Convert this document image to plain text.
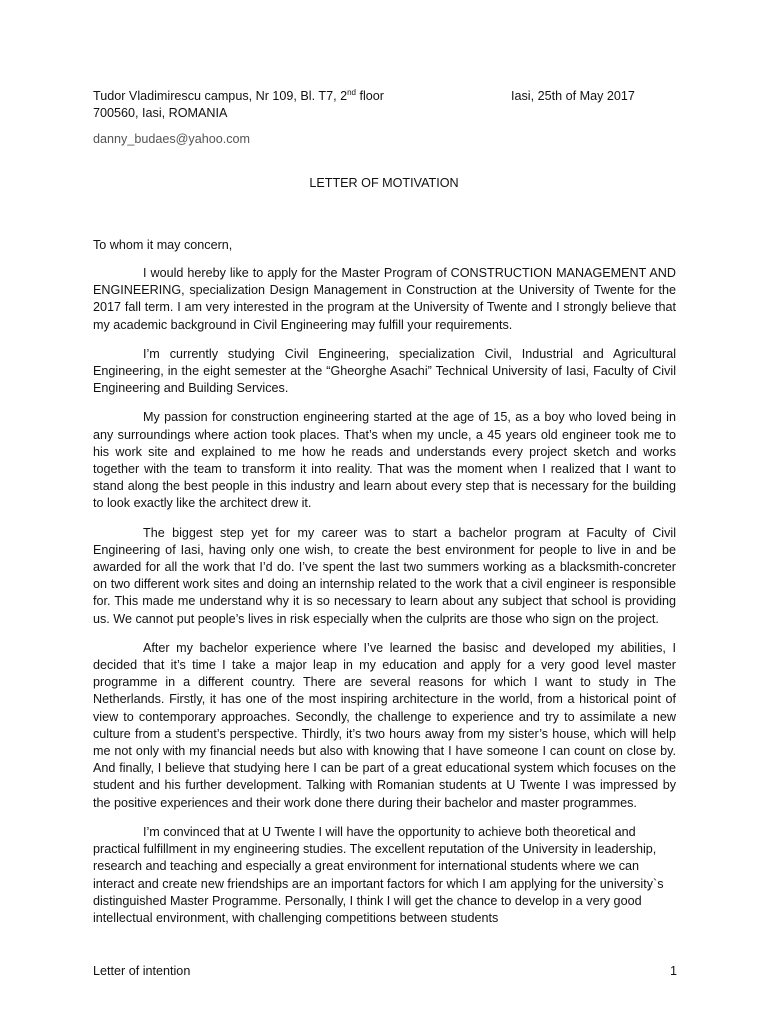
Tudor Vladimirescu campus, Nr 109, Bl. T7, 2nd floor
700560, Iasi, ROMANIA
Iasi, 25th of May 2017
danny_budaes@yahoo.com
LETTER OF MOTIVATION
To whom it may concern,

I would hereby like to apply for the Master Program of CONSTRUCTION MANAGEMENT AND ENGINEERING, specialization Design Management in Construction at the University of Twente for the 2017 fall term. I am very interested in the program at the University of Twente and I strongly believe that my academic background in Civil Engineering may fulfill your requirements.

I’m currently studying Civil Engineering, specialization Civil, Industrial and Agricultural Engineering, in the eight semester at the “Gheorghe Asachi” Technical University of Iasi, Faculty of Civil Engineering and Building Services.

My passion for construction engineering started at the age of 15, as a boy who loved being in any surroundings where action took places. That’s when my uncle, a 45 years old engineer took me to his work site and explained to me how he reads and understands every project sketch and works together with the team to transform it into reality. That was the moment when I realized that I want to stand along the best people in this industry and learn about every step that is necessary for the building to look exactly like the architect drew it.

The biggest step yet for my career was to start a bachelor program at Faculty of Civil Engineering of Iasi, having only one wish, to create the best environment for people to live in and be awarded for all the work that I’d do. I’ve spent the last two summers working as a blacksmith-concreter on two different work sites and doing an internship related to the work that a civil engineer is responsible for. This made me understand why it is so necessary to learn about any subject that school is providing us. We cannot put people’s lives in risk especially when the culprits are those who sign on the project.

After my bachelor experience where I’ve learned the basisc and developed my abilities, I decided that it’s time I take a major leap in my education and apply for a very good level master programme in a different country. There are several reasons for which I want to study in The Netherlands. Firstly, it has one of the most inspiring architecture in the world, from a historical point of view to contemporary approaches. Secondly, the challenge to experience and try to assimilate a new culture from a student’s perspective. Thirdly, it’s two hours away from my sister’s house, which will help me not only with my financial needs but also with knowing that I have someone I can count on close by. And finally, I believe that studying here I can be part of a great educational system which focuses on the student and his further development. Talking with Romanian students at U Twente I was impressed by the positive experiences and their work done there during their bachelor and master programmes.

I’m convinced that at U Twente I will have the opportunity to achieve both theoretical and practical fulfillment in my engineering studies. The excellent reputation of the University in leadership, research and teaching and especially a great environment for international students where we can interact and create new friendships are an important factors for which I am applying for the university`s distinguished Master Programme. Personally, I think I will get the chance to develop in a very good intellectual environment, with challenging competitions between students

Letter of intention	1
